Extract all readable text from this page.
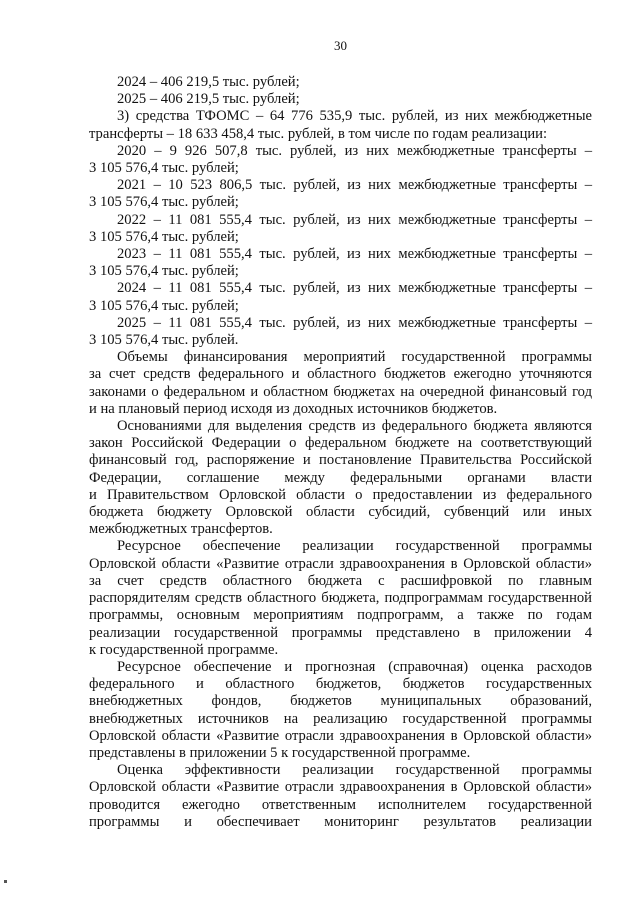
30
2024 – 406 219,5 тыс. рублей;
2025 – 406 219,5 тыс. рублей;
3) средства ТФОМС – 64 776 535,9 тыс. рублей, из них межбюджетные
трансферты – 18 633 458,4 тыс. рублей, в том числе по годам реализации:
2020 – 9 926 507,8 тыс. рублей, из них межбюджетные трансферты –
3 105 576,4 тыс. рублей;
2021 – 10 523 806,5 тыс. рублей, из них межбюджетные трансферты –
3 105 576,4 тыс. рублей;
2022 – 11 081 555,4 тыс. рублей, из них межбюджетные трансферты –
3 105 576,4 тыс. рублей;
2023 – 11 081 555,4 тыс. рублей, из них межбюджетные трансферты –
3 105 576,4 тыс. рублей;
2024 – 11 081 555,4 тыс. рублей, из них межбюджетные трансферты –
3 105 576,4 тыс. рублей;
2025 – 11 081 555,4 тыс. рублей, из них межбюджетные трансферты –
3 105 576,4 тыс. рублей.
Объемы финансирования мероприятий государственной программы
за счет средств федерального и областного бюджетов ежегодно уточняются
законами о федеральном и областном бюджетах на очередной финансовый год
и на плановый период исходя из доходных источников бюджетов.
Основаниями для выделения средств из федерального бюджета являются
закон Российской Федерации о федеральном бюджете на соответствующий
финансовый год, распоряжение и постановление Правительства Российской
Федерации, соглашение между федеральными органами власти
и Правительством Орловской области о предоставлении из федерального
бюджета бюджету Орловской области субсидий, субвенций или иных
межбюджетных трансфертов.
Ресурсное обеспечение реализации государственной программы
Орловской области «Развитие отрасли здравоохранения в Орловской области»
за счет средств областного бюджета с расшифровкой по главным
распорядителям средств областного бюджета, подпрограммам государственной
программы, основным мероприятиям подпрограмм, а также по годам
реализации государственной программы представлено в приложении 4
к государственной программе.
Ресурсное обеспечение и прогнозная (справочная) оценка расходов
федерального и областного бюджетов, бюджетов государственных
внебюджетных фондов, бюджетов муниципальных образований,
внебюджетных источников на реализацию государственной программы
Орловской области «Развитие отрасли здравоохранения в Орловской области»
представлены в приложении 5 к государственной программе.
Оценка эффективности реализации государственной программы
Орловской области «Развитие отрасли здравоохранения в Орловской области»
проводится ежегодно ответственным исполнителем государственной
программы и обеспечивает мониторинг результатов реализации
